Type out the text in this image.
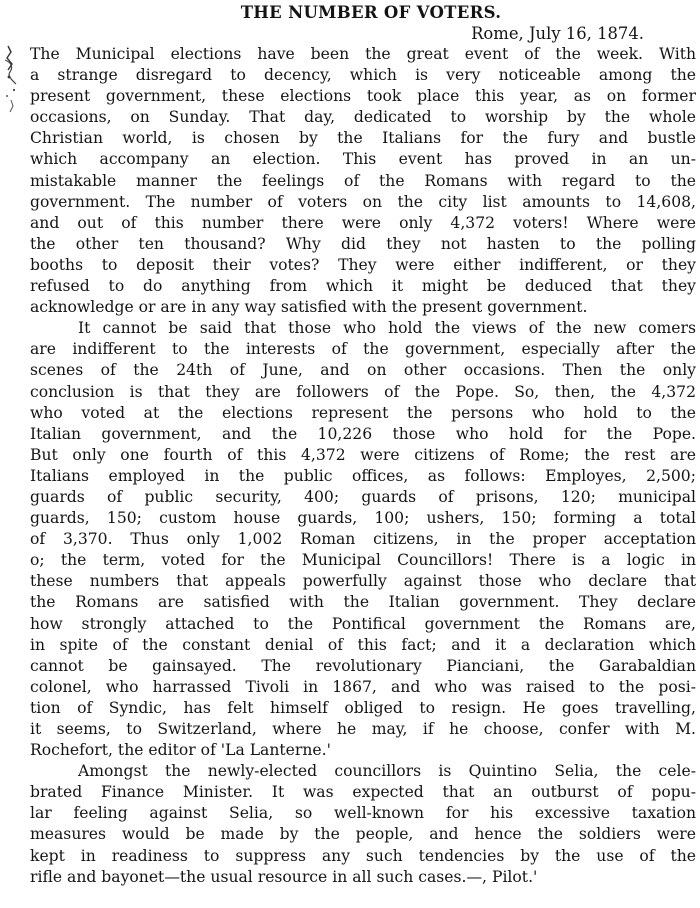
THE NUMBER OF VOTERS.
Rome, July 16, 1874.
The Municipal elections have been the great event of the week. With
a strange disregard to decency, which is very noticeable among the
present government, these elections took place this year, as on former
occasions, on Sunday. That day, dedicated to worship by the whole
Christian world, is chosen by the Italians for the fury and bustle
which accompany an election. This event has proved in an un-
mistakable manner the feelings of the Romans with regard to the
government. The number of voters on the city list amounts to 14,608,
and out of this number there were only 4,372 voters! Where were
the other ten thousand? Why did they not hasten to the polling
booths to deposit their votes? They were either indifferent, or they
refused to do anything from which it might be deduced that they
acknowledge or are in any way satisfied with the present government.
It cannot be said that those who hold the views of the new comers
are indifferent to the interests of the government, especially after the
scenes of the 24th of June, and on other occasions. Then the only
conclusion is that they are followers of the Pope. So, then, the 4,372
who voted at the elections represent the persons who hold to the
Italian government, and the 10,226 those who hold for the Pope.
But only one fourth of this 4,372 were citizens of Rome; the rest are
Italians employed in the public offices, as follows: Employes, 2,500;
guards of public security, 400; guards of prisons, 120; municipal
guards, 150; custom house guards, 100; ushers, 150; forming a total
of 3,370. Thus only 1,002 Roman citizens, in the proper acceptation
o; the term, voted for the Municipal Councillors! There is a logic in
these numbers that appeals powerfully against those who declare that
the Romans are satisfied with the Italian government. They declare
how strongly attached to the Pontifical government the Romans are,
in spite of the constant denial of this fact; and it a declaration which
cannot be gainsayed. The revolutionary Pianciani, the Garabaldian
colonel, who harrassed Tivoli in 1867, and who was raised to the posi-
tion of Syndic, has felt himself obliged to resign. He goes travelling,
it seems, to Switzerland, where he may, if he choose, confer with M.
Rochefort, the editor of 'La Lanterne.'
Amongst the newly-elected councillors is Quintino Selia, the cele-
brated Finance Minister. It was expected that an outburst of popu-
lar feeling against Selia, so well-known for his excessive taxation
measures would be made by the people, and hence the soldiers were
kept in readiness to suppress any such tendencies by the use of the
rifle and bayonet—the usual resource in all such cases.—, Pilot.'
